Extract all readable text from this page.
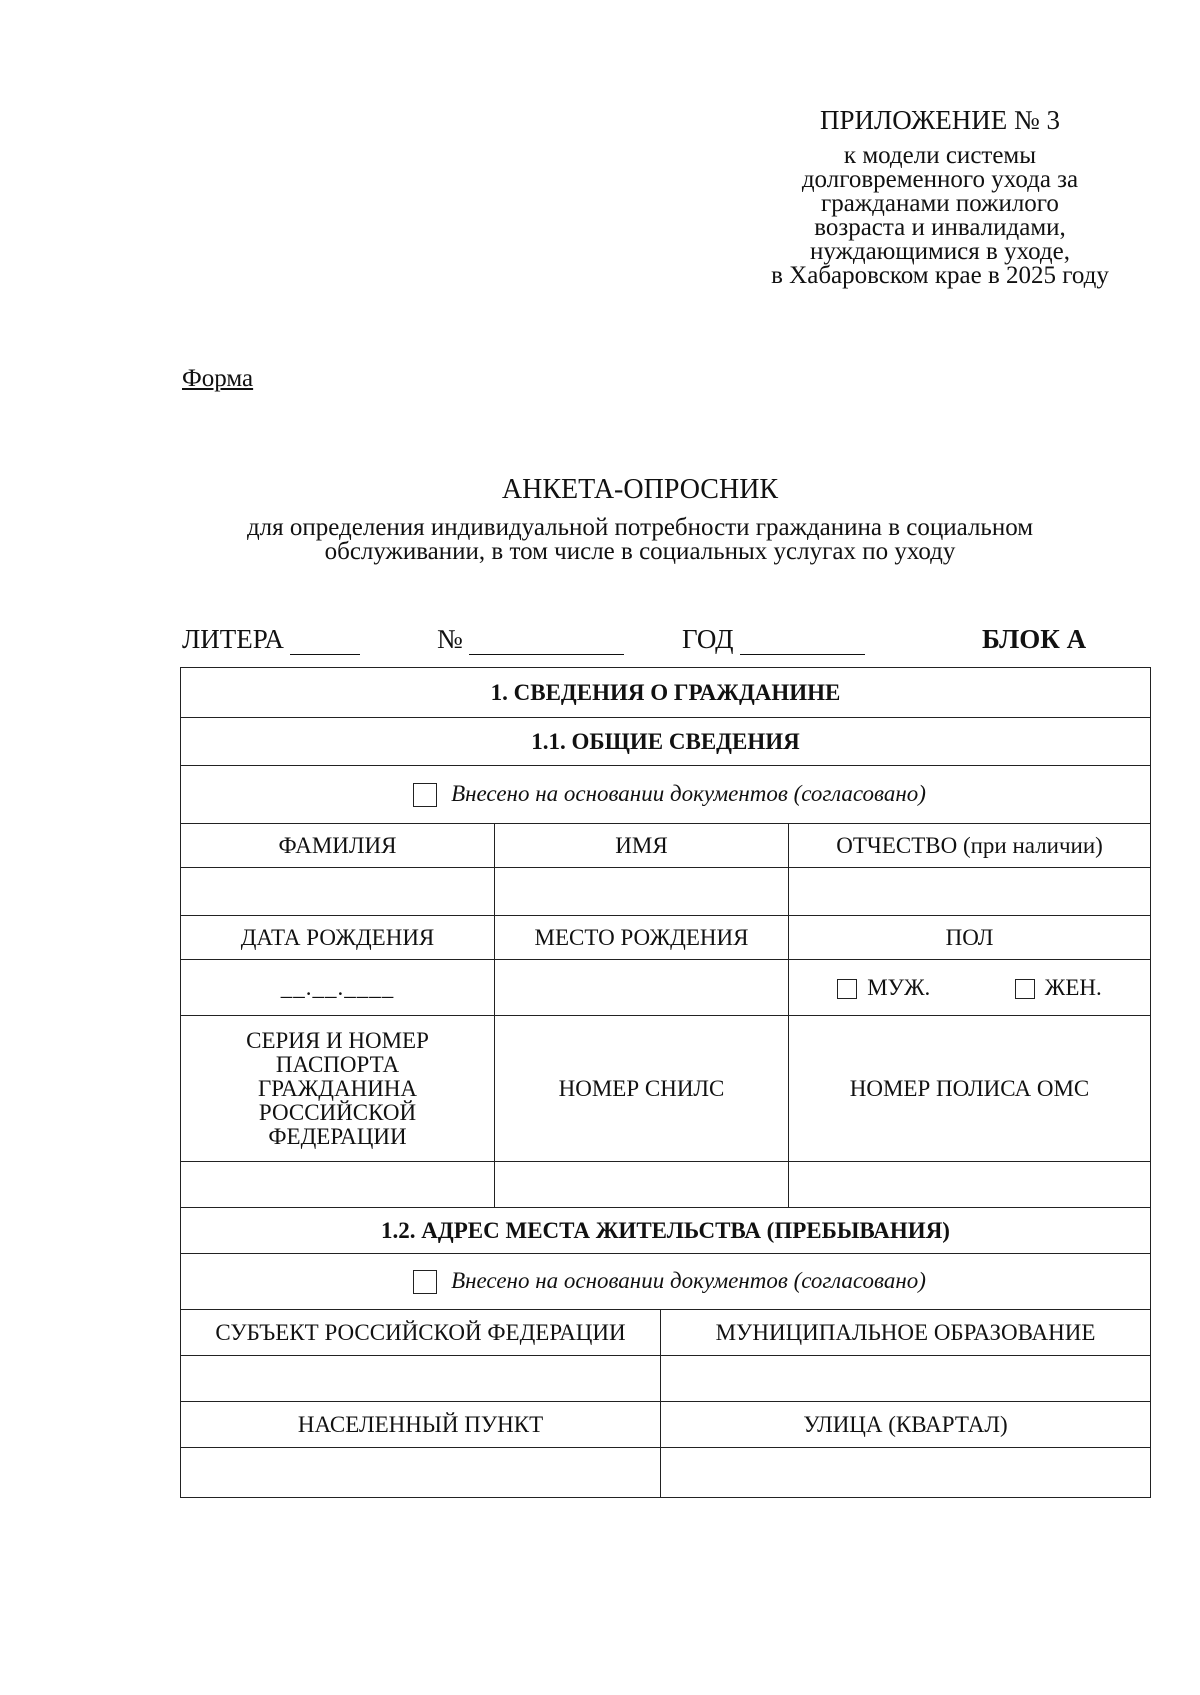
ПРИЛОЖЕНИЕ № 3
к модели системы
долговременного ухода за
гражданами пожилого
возраста и инвалидами,
нуждающимися в уходе,
в Хабаровском крае в 2025 году
Форма
АНКЕТА-ОПРОСНИК
для определения индивидуальной потребности гражданина в социальном
обслуживании, в том числе в социальных услугах по уходу
ЛИТЕРА	№	ГОД	БЛОК А
1. СВЕДЕНИЯ О ГРАЖДАНИНЕ			
1.1. ОБЩИЕ СВЕДЕНИЯ			
Внесено на основании документов (согласовано)			
ФАМИЛИЯ	ИМЯ		ОТЧЕСТВО (при наличии)

ДАТА РОЖДЕНИЯ	МЕСТО РОЖДЕНИЯ		ПОЛ
__.__.____			МУЖ. ЖЕН.

СЕРИЯ И НОМЕР
ПАСПОРТА
ГРАЖДАНИНА
РОССИЙСКОЙ
ФЕДЕРАЦИИ	НОМЕР СНИЛС		НОМЕР ПОЛИСА ОМС

1.2. АДРЕС МЕСТА ЖИТЕЛЬСТВА (ПРЕБЫВАНИЯ)			
Внесено на основании документов (согласовано)			
СУБЪЕКТ РОССИЙСКОЙ ФЕДЕРАЦИИ		МУНИЦИПАЛЬНОЕ ОБРАЗОВАНИЕ	

НАСЕЛЕННЫЙ ПУНКТ		УЛИЦА (КВАРТАЛ)	
